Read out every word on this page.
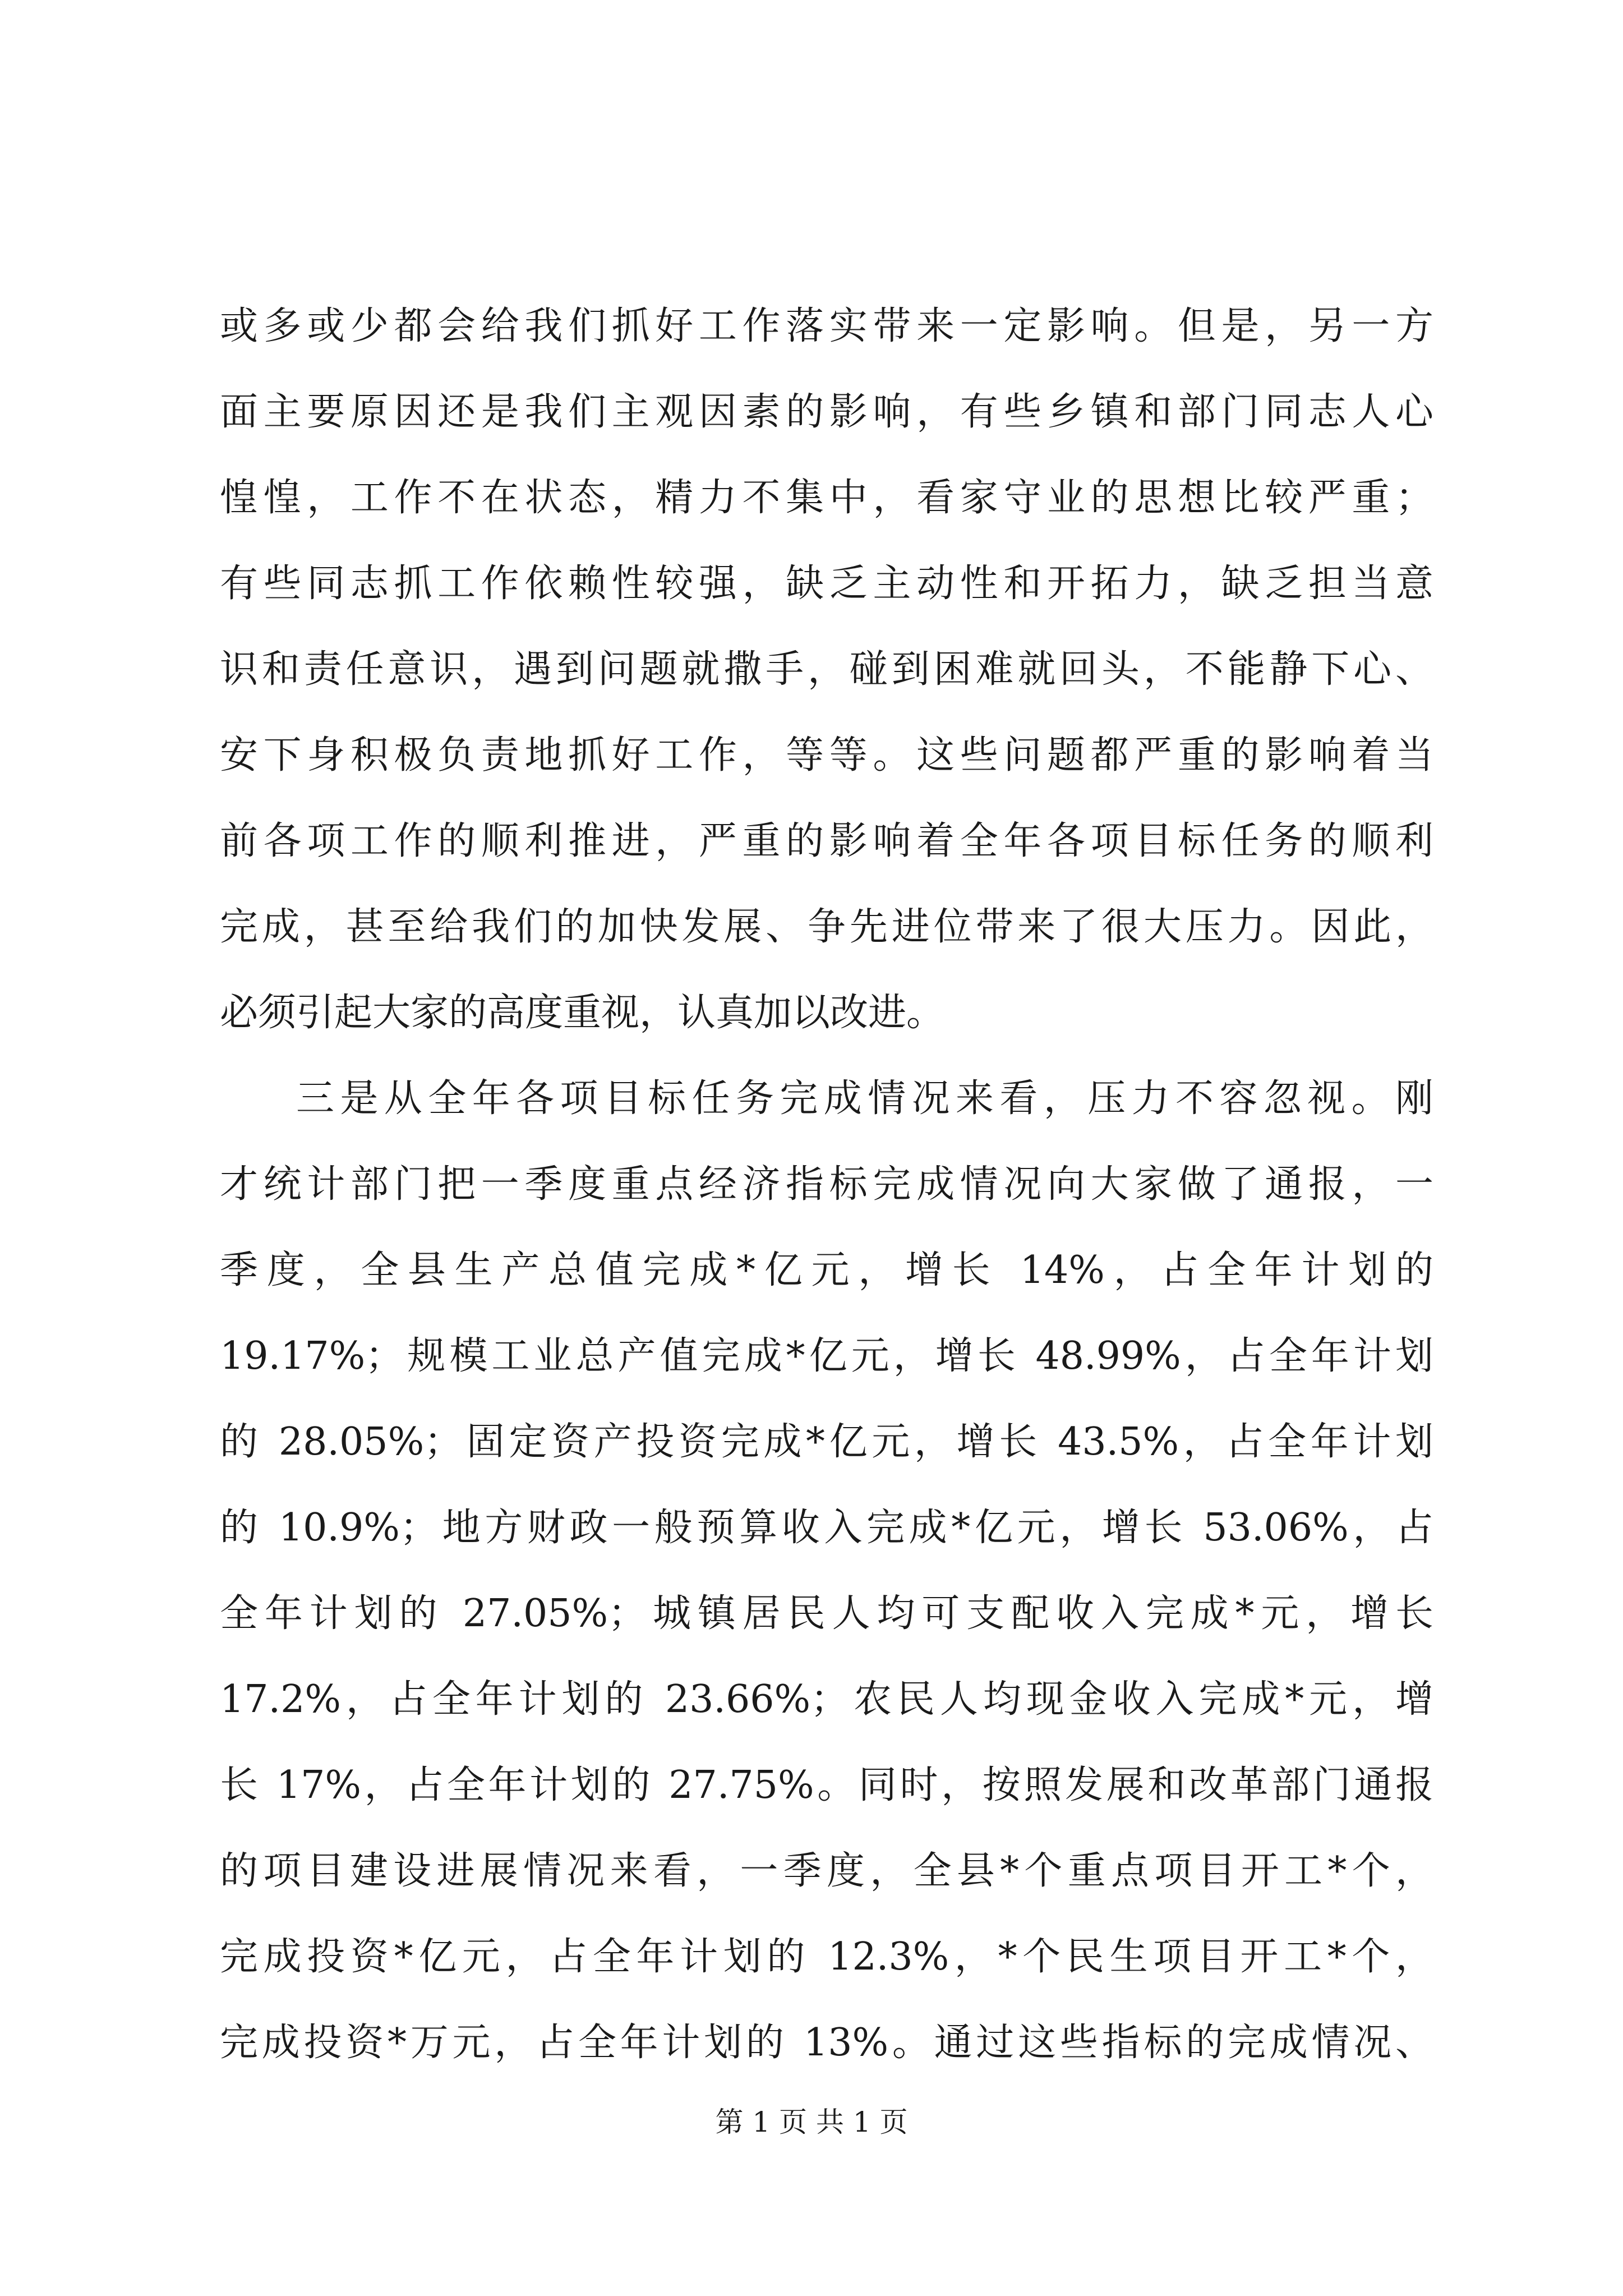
或多或少都会给我们抓好工作落实带来一定影响。但是，另一方
面主要原因还是我们主观因素的影响，有些乡镇和部门同志人心
惶惶，工作不在状态，精力不集中，看家守业的思想比较严重；
有些同志抓工作依赖性较强，缺乏主动性和开拓力，缺乏担当意
识和责任意识，遇到问题就撒手，碰到困难就回头，不能静下心、
安下身积极负责地抓好工作，等等。这些问题都严重的影响着当
前各项工作的顺利推进，严重的影响着全年各项目标任务的顺利
完成，甚至给我们的加快发展、争先进位带来了很大压力。因此，
必须引起大家的高度重视，认真加以改进。
三是从全年各项目标任务完成情况来看，压力不容忽视。刚
才统计部门把一季度重点经济指标完成情况向大家做了通报，一
季度，全县生产总值完成*亿元，增长 14%，占全年计划的
19.17%；规模工业总产值完成*亿元，增长 48.99%，占全年计划
的 28.05%；固定资产投资完成*亿元，增长 43.5%，占全年计划
的 10.9%；地方财政一般预算收入完成*亿元，增长 53.06%，占
全年计划的 27.05%；城镇居民人均可支配收入完成*元，增长
17.2%，占全年计划的 23.66%；农民人均现金收入完成*元，增
长 17%，占全年计划的 27.75%。同时，按照发展和改革部门通报
的项目建设进展情况来看，一季度，全县*个重点项目开工*个，
完成投资*亿元，占全年计划的 12.3%，*个民生项目开工*个，
完成投资*万元，占全年计划的 13%。通过这些指标的完成情况、
第 1 页 共 1 页
